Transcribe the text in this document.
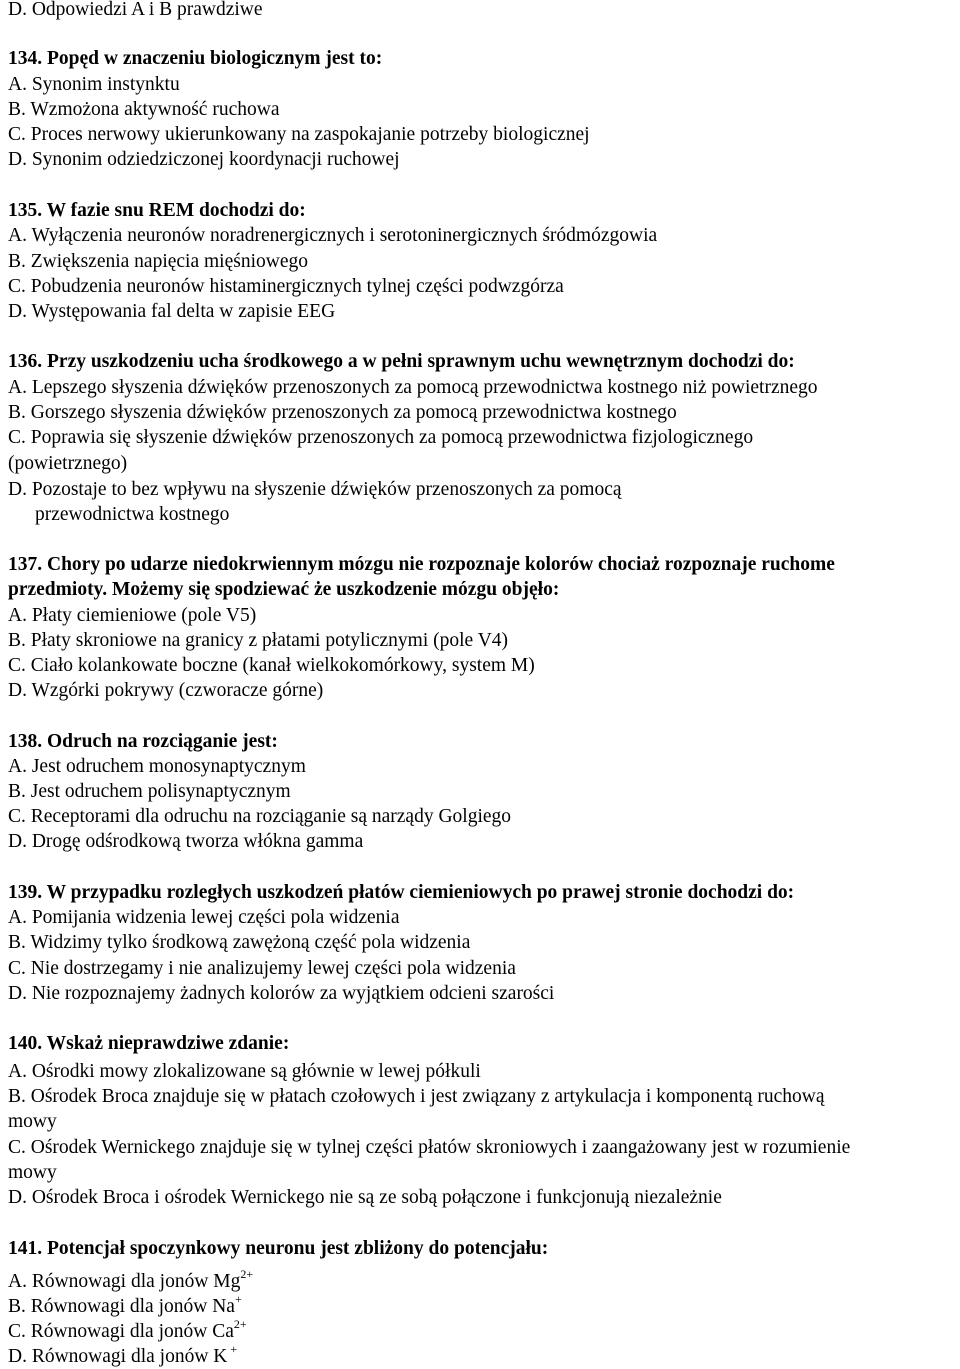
D. Odpowiedzi A i B prawdziwe
134. Popęd w znaczeniu biologicznym jest to:
A. Synonim instynktu
B. Wzmożona aktywność ruchowa
C. Proces nerwowy ukierunkowany na zaspokajanie potrzeby biologicznej
D. Synonim odziedziczonej koordynacji ruchowej
135. W fazie snu REM dochodzi do:
A. Wyłączenia neuronów noradrenergicznych i serotoninergicznych śródmózgowia
B. Zwiększenia napięcia mięśniowego
C. Pobudzenia neuronów histaminergicznych tylnej części podwzgórza
D. Występowania fal delta w zapisie EEG
136. Przy uszkodzeniu ucha środkowego a w pełni sprawnym uchu wewnętrznym dochodzi do:
A. Lepszego słyszenia dźwięków przenoszonych za pomocą przewodnictwa kostnego niż powietrznego
B. Gorszego słyszenia dźwięków przenoszonych za pomocą przewodnictwa kostnego
C. Poprawia się słyszenie dźwięków przenoszonych za pomocą przewodnictwa fizjologicznego
(powietrznego)
D. Pozostaje to bez wpływu na słyszenie dźwięków przenoszonych za pomocą
przewodnictwa kostnego
137. Chory po udarze niedokrwiennym mózgu nie rozpoznaje kolorów chociaż rozpoznaje ruchome
przedmioty. Możemy się spodziewać że uszkodzenie mózgu objęło:
A. Płaty ciemieniowe (pole V5)
B. Płaty skroniowe na granicy z płatami potylicznymi (pole V4)
C. Ciało kolankowate boczne (kanał wielkokomórkowy, system M)
D. Wzgórki pokrywy (czworacze górne)
138. Odruch na rozciąganie jest:
A. Jest odruchem monosynaptycznym
B. Jest odruchem polisynaptycznym
C. Receptorami dla odruchu na rozciąganie są narządy Golgiego
D. Drogę odśrodkową tworza włókna gamma
139. W przypadku rozległych uszkodzeń płatów ciemieniowych po prawej stronie dochodzi do:
A. Pomijania widzenia lewej części pola widzenia
B. Widzimy tylko środkową zawężoną część pola widzenia
C. Nie dostrzegamy i nie analizujemy lewej części pola widzenia
D. Nie rozpoznajemy żadnych kolorów za wyjątkiem odcieni szarości
140. Wskaż nieprawdziwe zdanie:
A. Ośrodki mowy zlokalizowane są głównie w lewej półkuli
B. Ośrodek Broca znajduje się w płatach czołowych i jest związany z artykulacja i komponentą ruchową
mowy
C. Ośrodek Wernickego znajduje się w tylnej części płatów skroniowych i zaangażowany jest w rozumienie
mowy
D. Ośrodek Broca i ośrodek Wernickego nie są ze sobą połączone i funkcjonują niezależnie
141. Potencjał spoczynkowy neuronu jest zbliżony do potencjału:
A. Równowagi dla jonów $Mg^{2+}$
B. Równowagi dla jonów Na+
C. Równowagi dla jonów $Ca^{2+}$
D. Równowagi dla jonów K +
